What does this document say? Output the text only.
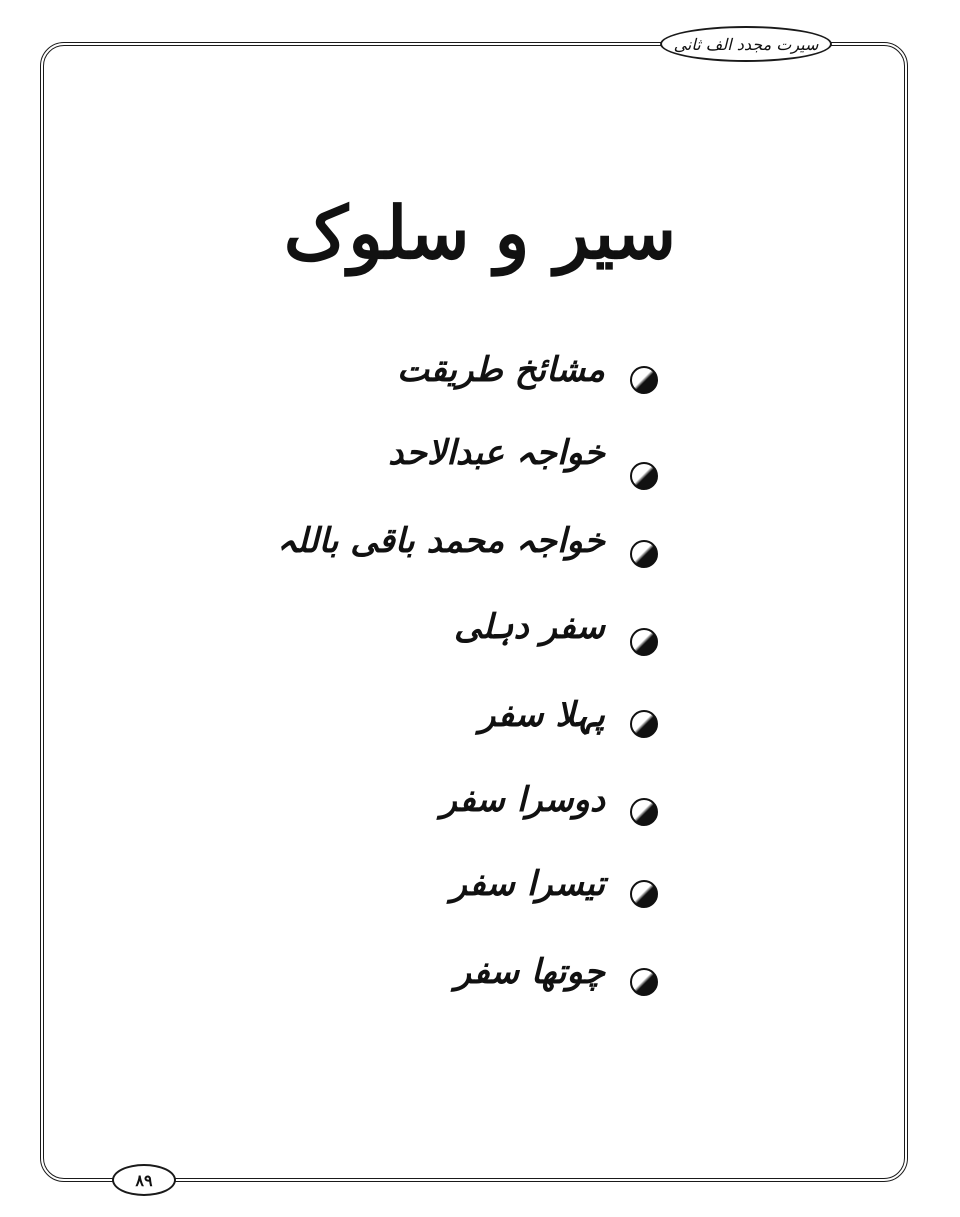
سیرت مجدد الف ثانی
سیر و سلوک
مشائخ طریقت
خواجہ عبدالاحد
خواجہ محمد باقی باللہ
سفر دہلی
پہلا سفر
دوسرا سفر
تیسرا سفر
چوتھا سفر
۸۹
